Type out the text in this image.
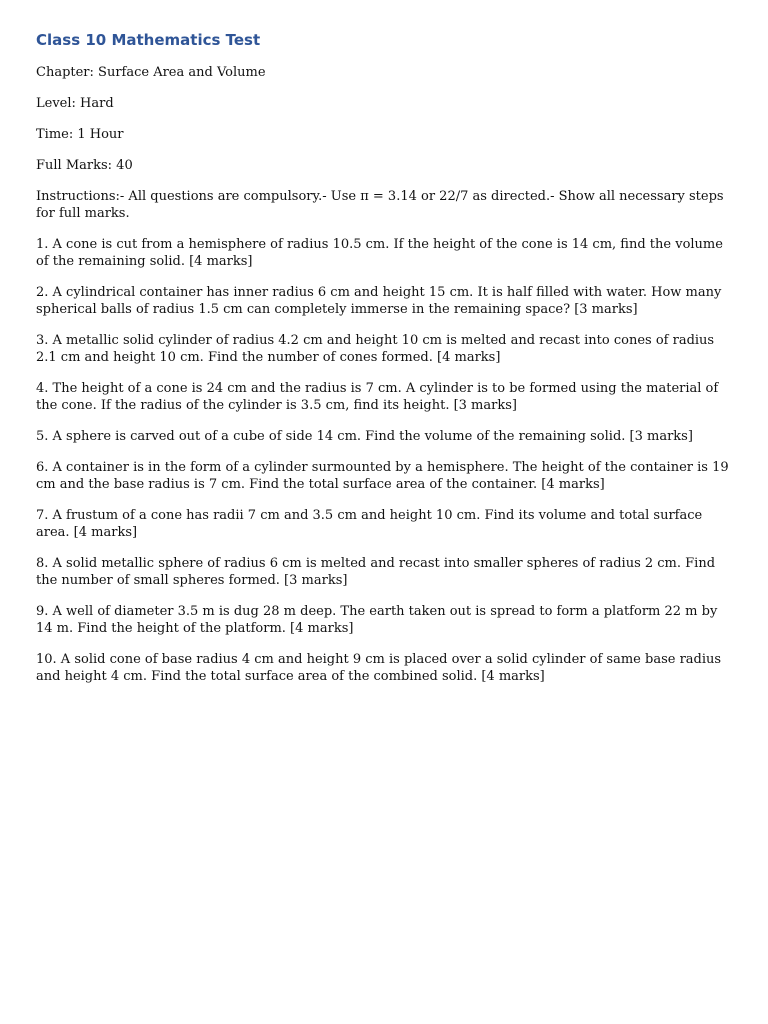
Class 10 Mathematics Test
Chapter: Surface Area and Volume
Level: Hard
Time: 1 Hour
Full Marks: 40
Instructions:- All questions are compulsory.- Use π = 3.14 or 22/7 as directed.- Show all necessary steps for full marks.
1. A cone is cut from a hemisphere of radius 10.5 cm. If the height of the cone is 14 cm, find the volume of the remaining solid. [4 marks]
2. A cylindrical container has inner radius 6 cm and height 15 cm. It is half filled with water. How many spherical balls of radius 1.5 cm can completely immerse in the remaining space? [3 marks]
3. A metallic solid cylinder of radius 4.2 cm and height 10 cm is melted and recast into cones of radius 2.1 cm and height 10 cm. Find the number of cones formed. [4 marks]
4. The height of a cone is 24 cm and the radius is 7 cm. A cylinder is to be formed using the material of the cone. If the radius of the cylinder is 3.5 cm, find its height. [3 marks]
5. A sphere is carved out of a cube of side 14 cm. Find the volume of the remaining solid. [3 marks]
6. A container is in the form of a cylinder surmounted by a hemisphere. The height of the container is 19 cm and the base radius is 7 cm. Find the total surface area of the container. [4 marks]
7. A frustum of a cone has radii 7 cm and 3.5 cm and height 10 cm. Find its volume and total surface area. [4 marks]
8. A solid metallic sphere of radius 6 cm is melted and recast into smaller spheres of radius 2 cm. Find the number of small spheres formed. [3 marks]
9. A well of diameter 3.5 m is dug 28 m deep. The earth taken out is spread to form a platform 22 m by 14 m. Find the height of the platform. [4 marks]
10. A solid cone of base radius 4 cm and height 9 cm is placed over a solid cylinder of same base radius and height 4 cm. Find the total surface area of the combined solid. [4 marks]
